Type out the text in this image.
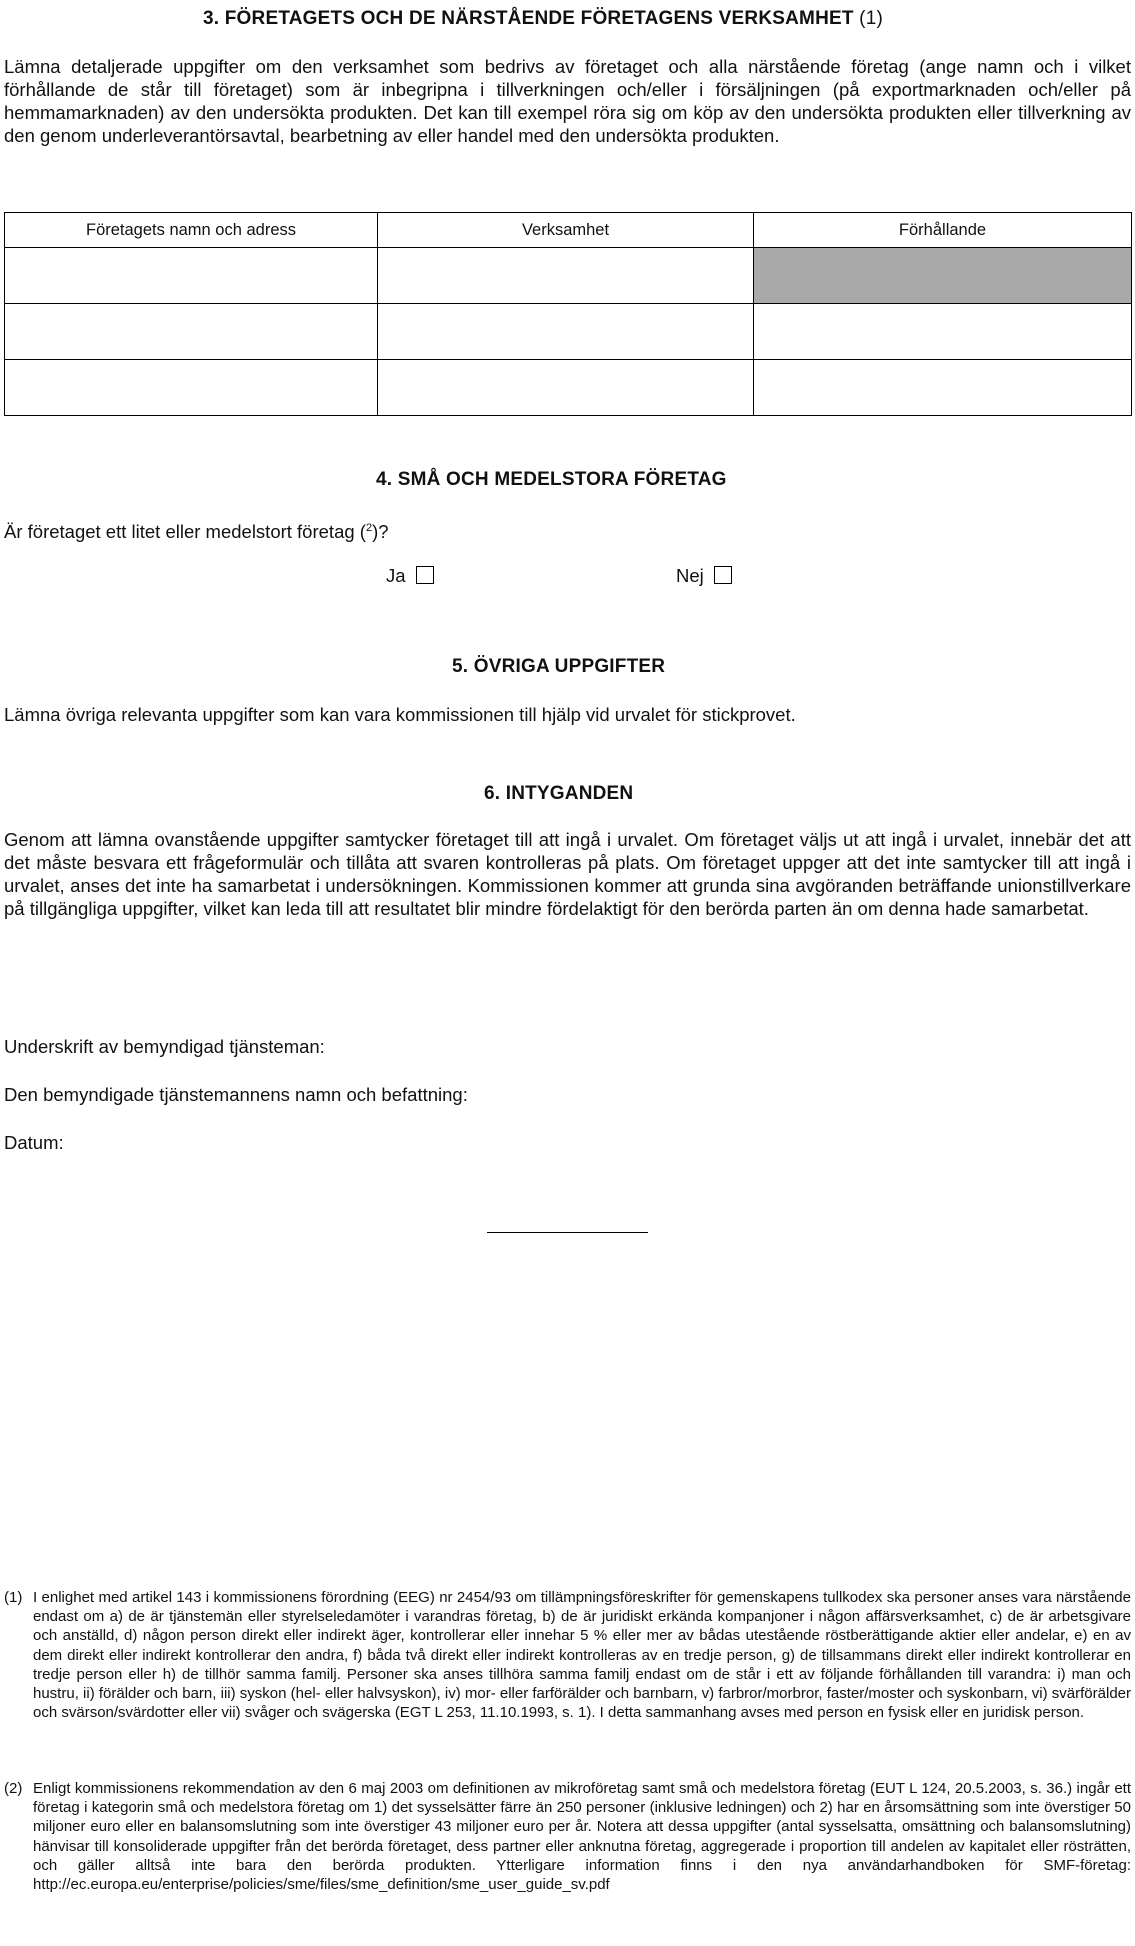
3. FÖRETAGETS OCH DE NÄRSTÅENDE FÖRETAGENS VERKSAMHET (1)
Lämna detaljerade uppgifter om den verksamhet som bedrivs av företaget och alla närstående företag (ange namn och i vilket förhållande de står till företaget) som är inbegripna i tillverkningen och/eller i försäljningen (på exportmarknaden och/eller på hemmamarknaden) av den undersökta produkten. Det kan till exempel röra sig om köp av den undersökta produkten eller tillverkning av den genom underleverantörsavtal, bearbetning av eller handel med den undersökta produkten.
Företagets namn och adress	Verksamhet	Förhållande

4. SMÅ OCH MEDELSTORA FÖRETAG
Är företaget ett litet eller medelstort företag ($^2$)?
Ja	Nej
5. ÖVRIGA UPPGIFTER
Lämna övriga relevanta uppgifter som kan vara kommissionen till hjälp vid urvalet för stickprovet.
6. INTYGANDEN
Genom att lämna ovanstående uppgifter samtycker företaget till att ingå i urvalet. Om företaget väljs ut att ingå i urvalet, innebär det att det måste besvara ett frågeformulär och tillåta att svaren kontrolleras på plats. Om företaget uppger att det inte samtycker till att ingå i urvalet, anses det inte ha samarbetat i undersökningen. Kommissionen kommer att grunda sina avgöranden beträffande unionstillverkare på tillgängliga uppgifter, vilket kan leda till att resultatet blir mindre fördelaktigt för den berörda parten än om denna hade samarbetat.
Underskrift av bemyndigad tjänsteman:
Den bemyndigade tjänstemannens namn och befattning:
Datum:
(1) I enlighet med artikel 143 i kommissionens förordning (EEG) nr 2454/93 om tillämpningsföreskrifter för gemenskapens tullkodex ska personer anses vara närstående endast om a) de är tjänstemän eller styrelseledamöter i varandras företag, b) de är juridiskt erkända kompanjoner i någon affärsverksamhet, c) de är arbetsgivare och anställd, d) någon person direkt eller indirekt äger, kontrollerar eller innehar 5 % eller mer av bådas utestående röstberättigande aktier eller andelar, e) en av dem direkt eller indirekt kontrollerar den andra, f) båda två direkt eller indirekt kontrolleras av en tredje person, g) de tillsammans direkt eller indirekt kontrollerar en tredje person eller h) de tillhör samma familj. Personer ska anses tillhöra samma familj endast om de står i ett av följande förhållanden till varandra: i) man och hustru, ii) förälder och barn, iii) syskon (hel- eller halvsyskon), iv) mor- eller farförälder och barnbarn, v) farbror/morbror, faster/moster och syskonbarn, vi) svärförälder och svärson/svärdotter eller vii) svåger och svägerska (EGT L 253, 11.10.1993, s. 1). I detta sammanhang avses med person en fysisk eller en juridisk person.
(2) Enligt kommissionens rekommendation av den 6 maj 2003 om definitionen av mikroföretag samt små och medelstora företag (EUT L 124, 20.5.2003, s. 36.) ingår ett företag i kategorin små och medelstora företag om 1) det sysselsätter färre än 250 personer (inklusive ledningen) och 2) har en årsomsättning som inte överstiger 50 miljoner euro eller en balansomslutning som inte överstiger 43 miljoner euro per år. Notera att dessa uppgifter (antal sysselsatta, omsättning och balansomslutning) hänvisar till konsoliderade uppgifter från det berörda företaget, dess partner eller anknutna företag, aggregerade i proportion till andelen av kapitalet eller rösträtten, och gäller alltså inte bara den berörda produkten. Ytterligare information finns i den nya användarhandboken för SMF-företag: http://ec.europa.eu/enterprise/policies/sme/files/sme_definition/sme_user_guide_sv.pdf
